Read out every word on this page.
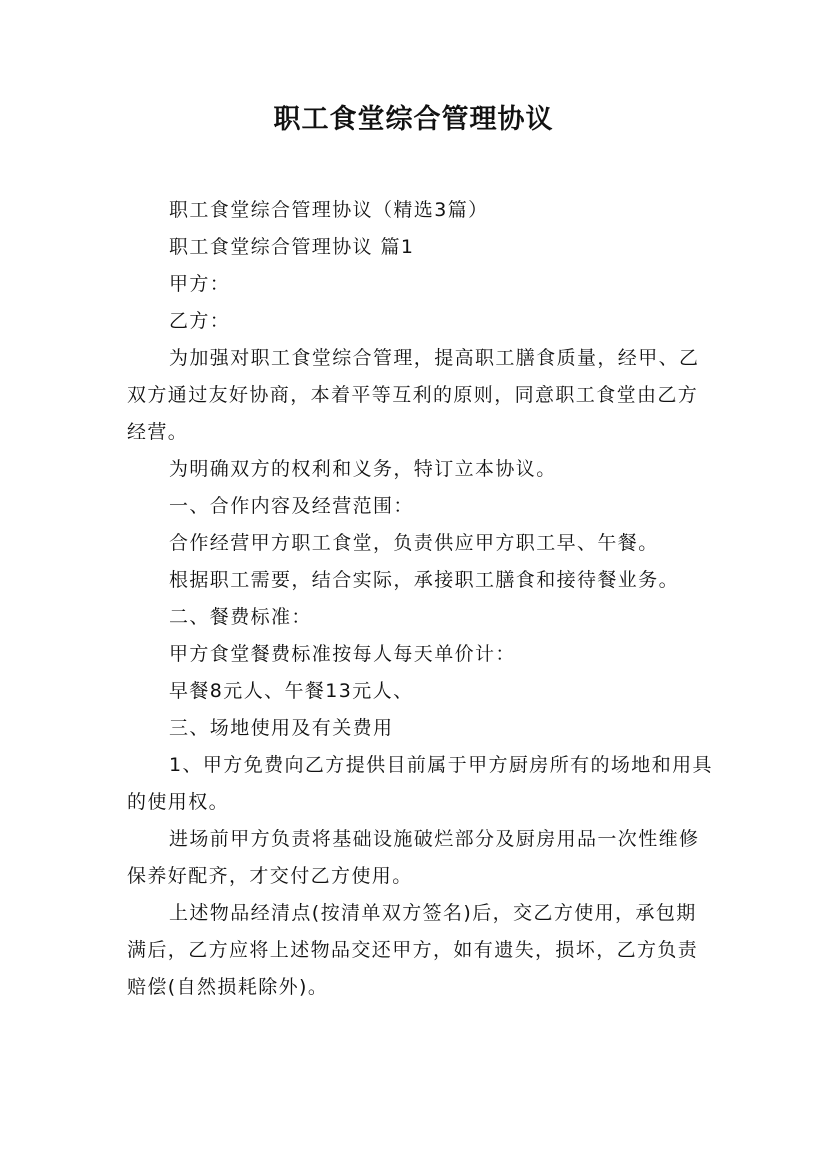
职工食堂综合管理协议

职工食堂综合管理协议（精选3篇）

职工食堂综合管理协议 篇1

甲方：

乙方：

为加强对职工食堂综合管理，提高职工膳食质量，经甲、乙双方通过友好协商，本着平等互利的原则，同意职工食堂由乙方经营。

为明确双方的权利和义务，特订立本协议。

一、合作内容及经营范围：

合作经营甲方职工食堂，负责供应甲方职工早、午餐。

根据职工需要，结合实际，承接职工膳食和接待餐业务。

二、餐费标准：

甲方食堂餐费标准按每人每天单价计：

早餐8元人、午餐13元人、

三、场地使用及有关费用

1、甲方免费向乙方提供目前属于甲方厨房所有的场地和用具的使用权。

进场前甲方负责将基础设施破烂部分及厨房用品一次性维修保养好配齐，才交付乙方使用。

上述物品经清点(按清单双方签名)后，交乙方使用，承包期满后，乙方应将上述物品交还甲方，如有遗失，损坏，乙方负责赔偿(自然损耗除外)。
